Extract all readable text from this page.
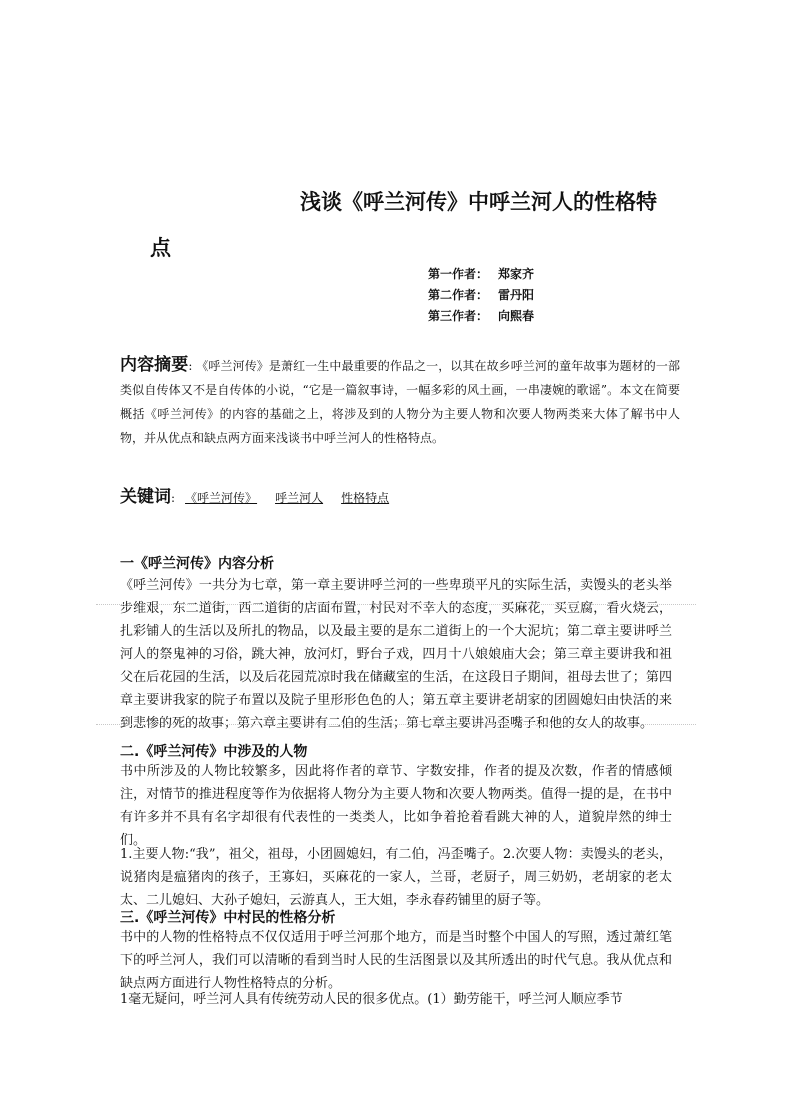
浅谈《呼兰河传》中呼兰河人的性格特
点
第一作者： 郑家齐
第二作者： 雷丹阳
第三作者： 向熙春
内容摘要: 《呼兰河传》是萧红一生中最重要的作品之一，以其在故乡呼兰河的童年故事为题材的一部类似自传体又不是自传体的小说，“它是一篇叙事诗，一幅多彩的风土画，一串凄婉的歌谣”。本文在简要概括《呼兰河传》的内容的基础之上，将涉及到的人物分为主要人物和次要人物两类来大体了解书中人物，并从优点和缺点两方面来浅谈书中呼兰河人的性格特点。
关键词: 《呼兰河传》 呼兰河人 性格特点
一《呼兰河传》内容分析
《呼兰河传》一共分为七章，第一章主要讲呼兰河的一些卑琐平凡的实际生活，卖馒头的老头举步维艰，东二道街，西二道街的店面布置，村民对不幸人的态度，买麻花，买豆腐，看火烧云，扎彩铺人的生活以及所扎的物品，以及最主要的是东二道街上的一个大泥坑；第二章主要讲呼兰河人的祭鬼神的习俗，跳大神，放河灯，野台子戏，四月十八娘娘庙大会；第三章主要讲我和祖父在后花园的生活，以及后花园荒凉时我在储藏室的生活，在这段日子期间，祖母去世了；第四章主要讲我家的院子布置以及院子里形形色色的人；第五章主要讲老胡家的团圆媳妇由快活的来到悲惨的死的故事；第六章主要讲有二伯的生活；第七章主要讲冯歪嘴子和他的女人的故事。
二.《呼兰河传》中涉及的人物
书中所涉及的人物比较繁多，因此将作者的章节、字数安排，作者的提及次数，作者的情感倾注，对情节的推进程度等作为依据将人物分为主要人物和次要人物两类。值得一提的是，在书中有许多并不具有名字却很有代表性的一类类人，比如争着抢着看跳大神的人，道貌岸然的绅士们。
1.主要人物:“我”，祖父，祖母，小团圆媳妇，有二伯，冯歪嘴子。2.次要人物：卖馒头的老头，说猪肉是瘟猪肉的孩子，王寡妇，买麻花的一家人，兰哥，老厨子，周三奶奶，老胡家的老太太、二儿媳妇、大孙子媳妇，云游真人，王大姐，李永春药铺里的厨子等。
三.《呼兰河传》中村民的性格分析
书中的人物的性格特点不仅仅适用于呼兰河那个地方，而是当时整个中国人的写照，透过萧红笔下的呼兰河人，我们可以清晰的看到当时人民的生活图景以及其所透出的时代气息。我从优点和缺点两方面进行人物性格特点的分析。
1毫无疑问，呼兰河人具有传统劳动人民的很多优点。(1）勤劳能干，呼兰河人顺应季节
